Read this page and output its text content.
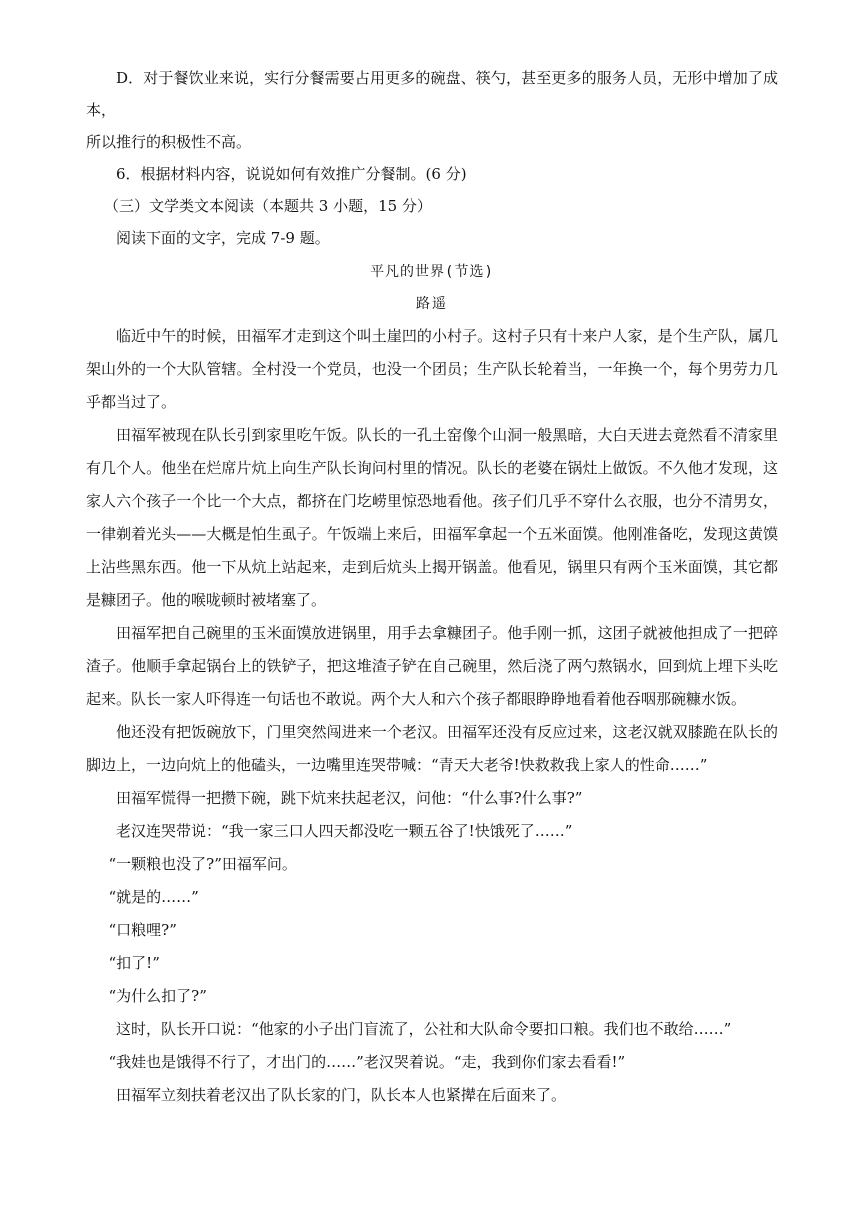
D．对于餐饮业来说，实行分餐需要占用更多的碗盘、筷勺，甚至更多的服务人员，无形中增加了成本，

所以推行的积极性不高。

6．根据材料内容，说说如何有效推广分餐制。(6 分)

（三）文学类文本阅读（本题共 3 小题，15 分）

阅读下面的文字，完成 7-9 题。

平凡的世界(节选)

路遥

临近中午的时候，田福军才走到这个叫土崖凹的小村子。这村子只有十来户人家，是个生产队，属几架山外的一个大队管辖。全村没一个党员，也没一个团员；生产队长轮着当，一年换一个，每个男劳力几乎都当过了。

田福军被现在队长引到家里吃午饭。队长的一孔土窑像个山洞一般黑暗，大白天进去竟然看不清家里有几个人。他坐在烂席片炕上向生产队长询问村里的情况。队长的老婆在锅灶上做饭。不久他才发现，这家人六个孩子一个比一个大点，都挤在门圪崂里惊恐地看他。孩子们几乎不穿什么衣服，也分不清男女，一律剃着光头——大概是怕生虱子。午饭端上来后，田福军拿起一个五米面馍。他刚准备吃，发现这黄馍上沾些黑东西。他一下从炕上站起来，走到后炕头上揭开锅盖。他看见，锅里只有两个玉米面馍，其它都是糠团子。他的喉咙顿时被堵塞了。

田福军把自己碗里的玉米面馍放进锅里，用手去拿糠团子。他手刚一抓，这团子就被他担成了一把碎渣子。他顺手拿起锅台上的铁铲子，把这堆渣子铲在自己碗里，然后浇了两勺熬锅水，回到炕上埋下头吃起来。队长一家人吓得连一句话也不敢说。两个大人和六个孩子都眼睁睁地看着他吞咽那碗糠水饭。

他还没有把饭碗放下，门里突然闯进来一个老汉。田福军还没有反应过来，这老汉就双膝跪在队长的脚边上，一边向炕上的他磕头，一边嘴里连哭带喊：“青天大老爷!快救救我上家人的性命……”

田福军慌得一把攒下碗，跳下炕来扶起老汉，问他：“什么事?什么事?”

老汉连哭带说：“我一家三口人四天都没吃一颗五谷了!快饿死了……”

“一颗粮也没了?”田福军问。

“就是的……”

“口粮哩?”

“扣了!”

“为什么扣了?”

这时，队长开口说：“他家的小子出门盲流了，公社和大队命令要扣口粮。我们也不敢给……”

“我娃也是饿得不行了，才出门的……”老汉哭着说。“走，我到你们家去看看!”

田福军立刻扶着老汉出了队长家的门，队长本人也紧撵在后面来了。
